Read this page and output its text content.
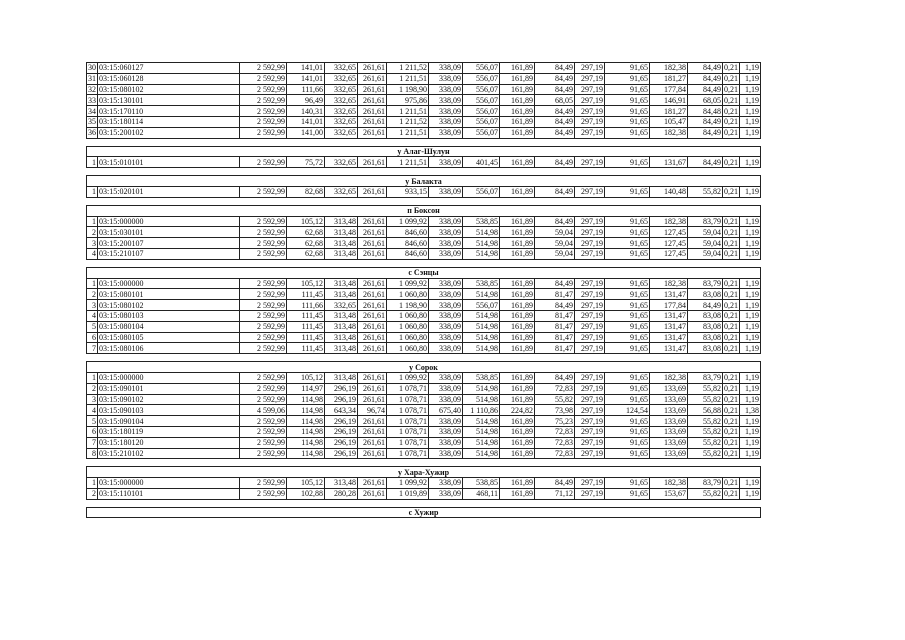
30	03:15:060127	2 592,99	141,01	332,65	261,61	1 211,52	338,09	556,07	161,89	84,49	297,19	91,65	182,38	84,49	0,21	1,19
31	03:15:060128	2 592,99	141,01	332,65	261,61	1 211,51	338,09	556,07	161,89	84,49	297,19	91,65	181,27	84,49	0,21	1,19
32	03:15:080102	2 592,99	111,66	332,65	261,61	1 198,90	338,09	556,07	161,89	84,49	297,19	91,65	177,84	84,49	0,21	1,19
33	03:15:130101	2 592,99	96,49	332,65	261,61	975,86	338,09	556,07	161,89	68,05	297,19	91,65	146,91	68,05	0,21	1,19
34	03:15:170110	2 592,99	140,31	332,65	261,61	1 211,51	338,09	556,07	161,89	84,49	297,19	91,65	181,27	84,48	0,21	1,19
35	03:15:180114	2 592,99	141,01	332,65	261,61	1 211,52	338,09	556,07	161,89	84,49	297,19	91,65	105,47	84,49	0,21	1,19
36	03:15:200102	2 592,99	141,00	332,65	261,61	1 211,51	338,09	556,07	161,89	84,49	297,19	91,65	182,38	84,49	0,21	1,19

у Алаг-Шулун																
1	03:15:010101	2 592,99	75,72	332,65	261,61	1 211,51	338,09	401,45	161,89	84,49	297,19	91,65	131,67	84,49	0,21	1,19

у Балакта																
1	03:15:020101	2 592,99	82,68	332,65	261,61	933,15	338,09	556,07	161,89	84,49	297,19	91,65	140,48	55,82	0,21	1,19

п Боксон																
1	03:15:000000	2 592,99	105,12	313,48	261,61	1 099,92	338,09	538,85	161,89	84,49	297,19	91,65	182,38	83,79	0,21	1,19
2	03:15:030101	2 592,99	62,68	313,48	261,61	846,60	338,09	514,98	161,89	59,04	297,19	91,65	127,45	59,04	0,21	1,19
3	03:15:200107	2 592,99	62,68	313,48	261,61	846,60	338,09	514,98	161,89	59,04	297,19	91,65	127,45	59,04	0,21	1,19
4	03:15:210107	2 592,99	62,68	313,48	261,61	846,60	338,09	514,98	161,89	59,04	297,19	91,65	127,45	59,04	0,21	1,19

с Сэнцы																
1	03:15:000000	2 592,99	105,12	313,48	261,61	1 099,92	338,09	538,85	161,89	84,49	297,19	91,65	182,38	83,79	0,21	1,19
2	03:15:080101	2 592,99	111,45	313,48	261,61	1 060,80	338,09	514,98	161,89	81,47	297,19	91,65	131,47	83,08	0,21	1,19
3	03:15:080102	2 592,99	111,66	332,65	261,61	1 198,90	338,09	556,07	161,89	84,49	297,19	91,65	177,84	84,49	0,21	1,19
4	03:15:080103	2 592,99	111,45	313,48	261,61	1 060,80	338,09	514,98	161,89	81,47	297,19	91,65	131,47	83,08	0,21	1,19
5	03:15:080104	2 592,99	111,45	313,48	261,61	1 060,80	338,09	514,98	161,89	81,47	297,19	91,65	131,47	83,08	0,21	1,19
6	03:15:080105	2 592,99	111,45	313,48	261,61	1 060,80	338,09	514,98	161,89	81,47	297,19	91,65	131,47	83,08	0,21	1,19
7	03:15:080106	2 592,99	111,45	313,48	261,61	1 060,80	338,09	514,98	161,89	81,47	297,19	91,65	131,47	83,08	0,21	1,19

у Сорок																
1	03:15:000000	2 592,99	105,12	313,48	261,61	1 099,92	338,09	538,85	161,89	84,49	297,19	91,65	182,38	83,79	0,21	1,19
2	03:15:090101	2 592,99	114,97	296,19	261,61	1 078,71	338,09	514,98	161,89	72,83	297,19	91,65	133,69	55,82	0,21	1,19
3	03:15:090102	2 592,99	114,98	296,19	261,61	1 078,71	338,09	514,98	161,89	55,82	297,19	91,65	133,69	55,82	0,21	1,19
4	03:15:090103	4 599,06	114,98	643,34	96,74	1 078,71	675,40	1 110,86	224,82	73,98	297,19	124,54	133,69	56,88	0,21	1,38
5	03:15:090104	2 592,99	114,98	296,19	261,61	1 078,71	338,09	514,98	161,89	75,23	297,19	91,65	133,69	55,82	0,21	1,19
6	03:15:180119	2 592,99	114,98	296,19	261,61	1 078,71	338,09	514,98	161,89	72,83	297,19	91,65	133,69	55,82	0,21	1,19
7	03:15:180120	2 592,99	114,98	296,19	261,61	1 078,71	338,09	514,98	161,89	72,83	297,19	91,65	133,69	55,82	0,21	1,19
8	03:15:210102	2 592,99	114,98	296,19	261,61	1 078,71	338,09	514,98	161,89	72,83	297,19	91,65	133,69	55,82	0,21	1,19

у Хара-Хужир																
1	03:15:000000	2 592,99	105,12	313,48	261,61	1 099,92	338,09	538,85	161,89	84,49	297,19	91,65	182,38	83,79	0,21	1,19
2	03:15:110101	2 592,99	102,88	280,28	261,61	1 019,89	338,09	468,11	161,89	71,12	297,19	91,65	153,67	55,82	0,21	1,19

с Хужир																
